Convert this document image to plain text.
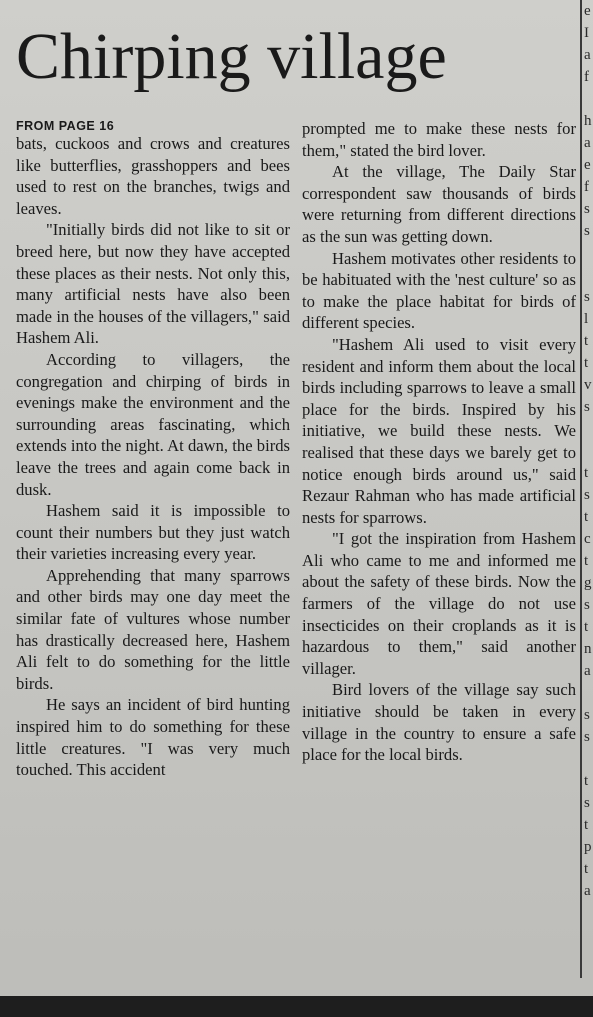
Chirping village
FROM PAGE 16

bats, cuckoos and crows and creatures like butterflies, grasshoppers and bees used to rest on the branches, twigs and leaves.

"Initially birds did not like to sit or breed here, but now they have accepted these places as their nests. Not only this, many artificial nests have also been made in the houses of the villagers," said Hashem Ali.

According to villagers, the congregation and chirping of birds in evenings make the environment and the surrounding areas fascinating, which extends into the night. At dawn, the birds leave the trees and again come back in dusk.

Hashem said it is impossible to count their numbers but they just watch their varieties increasing every year.

Apprehending that many sparrows and other birds may one day meet the similar fate of vultures whose number has drastically decreased here, Hashem Ali felt to do something for the little birds.

He says an incident of bird hunting inspired him to do something for these little creatures. "I was very much touched. This accident

prompted me to make these nests for them," stated the bird lover.

At the village, The Daily Star correspondent saw thousands of birds were returning from different directions as the sun was getting down.

Hashem motivates other residents to be habituated with the 'nest culture' so as to make the place habitat for birds of different species.

"Hashem Ali used to visit every resident and inform them about the local birds including sparrows to leave a small place for the birds. Inspired by his initiative, we build these nests. We realised that these days we barely get to notice enough birds around us," said Rezaur Rahman who has made artificial nests for sparrows.

"I got the inspiration from Hashem Ali who came to me and informed me about the safety of these birds. Now the farmers of the village do not use insecticides on their croplands as it is hazardous to them," said another villager.

Bird lovers of the village say such initiative should be taken in every village in the country to ensure a safe place for the local birds.

e
I
a
f

h
a
e
f
s
s

s
l
t
t
v
s

t
s
t
c
t
g
s
t
n
a

s
s

t
s
t
p
t
a
